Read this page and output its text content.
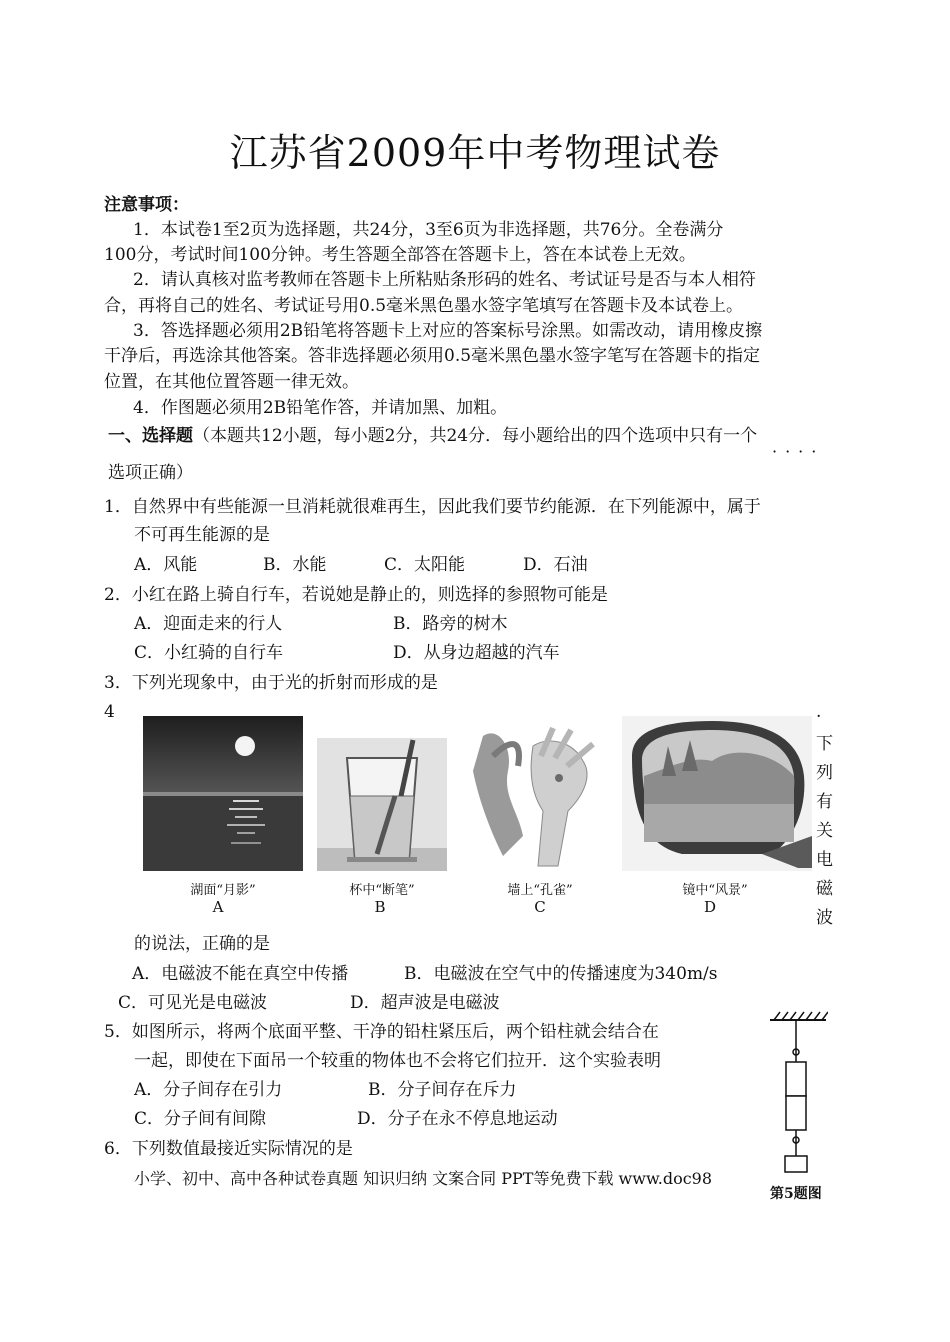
江苏省2009年中考物理试卷
注意事项：
1．本试卷1至2页为选择题，共24分，3至6页为非选择题，共76分。全卷满分
100分，考试时间100分钟。考生答题全部答在答题卡上，答在本试卷上无效。
2．请认真核对监考教师在答题卡上所粘贴条形码的姓名、考试证号是否与本人相符
合，再将自己的姓名、考试证号用0.5毫米黑色墨水签字笔填写在答题卡及本试卷上。
3．答选择题必须用2B铅笔将答题卡上对应的答案标号涂黑。如需改动，请用橡皮擦
干净后，再选涂其他答案。答非选择题必须用0.5毫米黑色墨水签字笔写在答题卡的指定
位置，在其他位置答题一律无效。
4．作图题必须用2B铅笔作答，并请加黑、加粗。
一、选择题（本题共12小题，每小题2分，共24分．每小题给出的四个选项中只有一个
····
选项正确）
1．自然界中有些能源一旦消耗就很难再生，因此我们要节约能源．在下列能源中，属于
不可再生能源的是
A．风能	B．水能	C．太阳能	D．石油
2．小红在路上骑自行车，若说她是静止的，则选择的参照物可能是
A．迎面走来的行人	B．路旁的树木
C．小红骑的自行车	D．从身边超越的汽车
3．下列光现象中，由于光的折射而形成的是
4	.
湖面“月影”
A
杯中“断笔”
B
墙上“孔雀”
C
镜中“风景”
D
下
列
有
关
电
磁
波
的说法，正确的是
A．电磁波不能在真空中传播	B．电磁波在空气中的传播速度为340m/s
C．可见光是电磁波	D．超声波是电磁波
5．如图所示，将两个底面平整、干净的铅柱紧压后，两个铅柱就会结合在
一起，即使在下面吊一个较重的物体也不会将它们拉开．这个实验表明
A．分子间存在引力	B．分子间存在斥力
C．分子间有间隙	D．分子在永不停息地运动
第5题图
6．下列数值最接近实际情况的是
小学、初中、高中各种试卷真题 知识归纳 文案合同 PPT等免费下载 www.doc98
